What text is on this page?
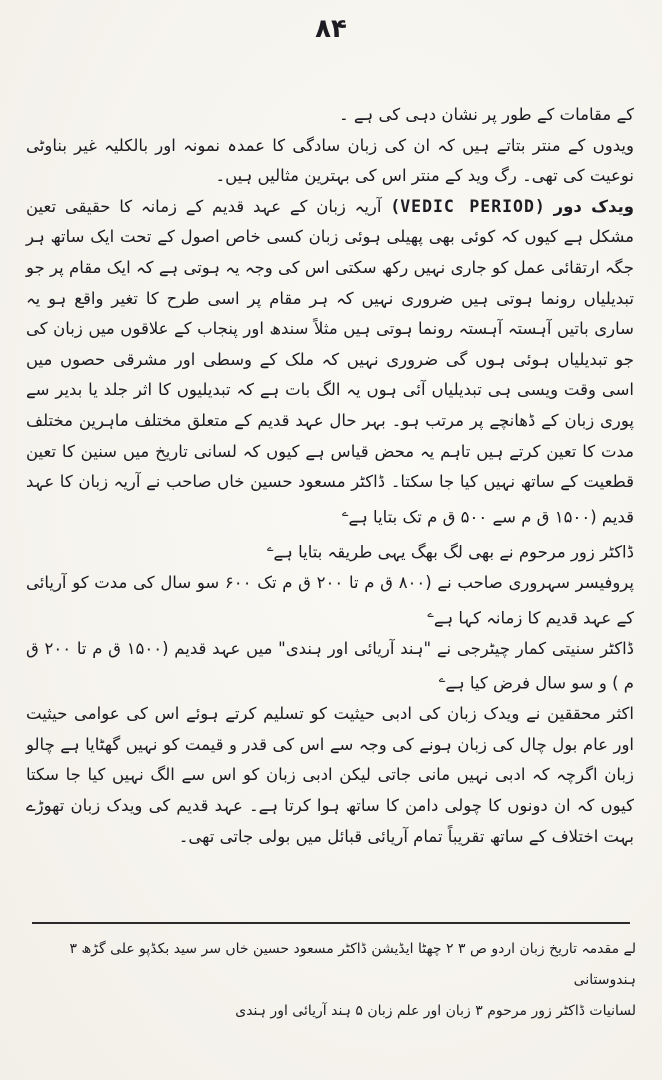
۸۴

کے مقامات کے طور پر نشان دہی کی ہے ۔

ویدوں کے منتر بتاتے ہیں کہ ان کی زبان سادگی کا عمدہ نمونہ اور بالکلیہ غیر بناوٹی نوعیت کی تھی۔ رگ وید کے منتر اس کی بہترین مثالیں ہیں۔

ویدک دور (VEDIC PERIOD) آریہ زبان کے عہد قدیم کے زمانہ کا حقیقی تعین مشکل ہے کیوں کہ کوئی بھی پھیلی ہوئی زبان کسی خاص اصول کے تحت ایک ساتھ ہر جگہ ارتقائی عمل کو جاری نہیں رکھ سکتی اس کی وجہ یہ ہوتی ہے کہ ایک مقام پر جو تبدیلیاں رونما ہوتی ہیں ضروری نہیں کہ ہر مقام پر اسی طرح کا تغیر واقع ہو یہ ساری باتیں آہستہ آہستہ رونما ہوتی ہیں مثلاً سندھ اور پنجاب کے علاقوں میں زبان کی جو تبدیلیاں ہوئی ہوں گی ضروری نہیں کہ ملک کے وسطی اور مشرقی حصوں میں اسی وقت ویسی ہی تبدیلیاں آئی ہوں یہ الگ بات ہے کہ تبدیلیوں کا اثر جلد یا بدیر سے پوری زبان کے ڈھانچے پر مرتب ہو۔ بہر حال عہد قدیم کے متعلق مختلف ماہرین مختلف مدت کا تعین کرتے ہیں تاہم یہ محض قیاس ہے کیوں کہ لسانی تاریخ میں سنین کا تعین قطعیت کے ساتھ نہیں کیا جا سکتا۔ ڈاکٹر مسعود حسین خاں صاحب نے آریہ زبان کا عہد قدیم (۱۵۰۰ ق م سے ۵۰۰ ق م تک بتایا ہے$^ے$

ڈاکٹر زور مرحوم نے بھی لگ بھگ یہی طریقہ بتایا ہے$^ے$

پروفیسر سہروری صاحب نے (۸۰۰ ق م تا ۲۰۰ ق م تک ۶۰۰ سو سال کی مدت کو آریائی کے عہد قدیم کا زمانہ کہا ہے$^ے$

ڈاکٹر سنیتی کمار چیٹرجی نے "ہند آریائی اور ہندی" میں عہد قدیم (۱۵۰۰ ق م تا ۲۰۰ ق م ) و سو سال فرض کیا ہے$^ے$

اکثر محققین نے ویدک زبان کی ادبی حیثیت کو تسلیم کرتے ہوئے اس کی عوامی حیثیت اور عام بول چال کی زبان ہونے کی وجہ سے اس کی قدر و قیمت کو نہیں گھٹایا ہے چالو زبان اگرچہ کہ ادبی نہیں مانی جاتی لیکن ادبی زبان کو اس سے الگ نہیں کیا جا سکتا کیوں کہ ان دونوں کا چولی دامن کا ساتھ ہوا کرتا ہے۔ عہد قدیم کی ویدک زبان تھوڑے بہت اختلاف کے ساتھ تقریباً تمام آریائی قبائل میں بولی جاتی تھی۔

لے مقدمہ تاریخ زبان اردو ص ۳ ۲ چھٹا ایڈیشن ڈاکٹر مسعود حسین خاں سر سید بکڈپو علی گڑھ ۳ ہندوستانی

لسانیات ڈاکٹر زور مرحوم ۳ زبان اور علم زبان ۵ ہند آریائی اور ہندی
